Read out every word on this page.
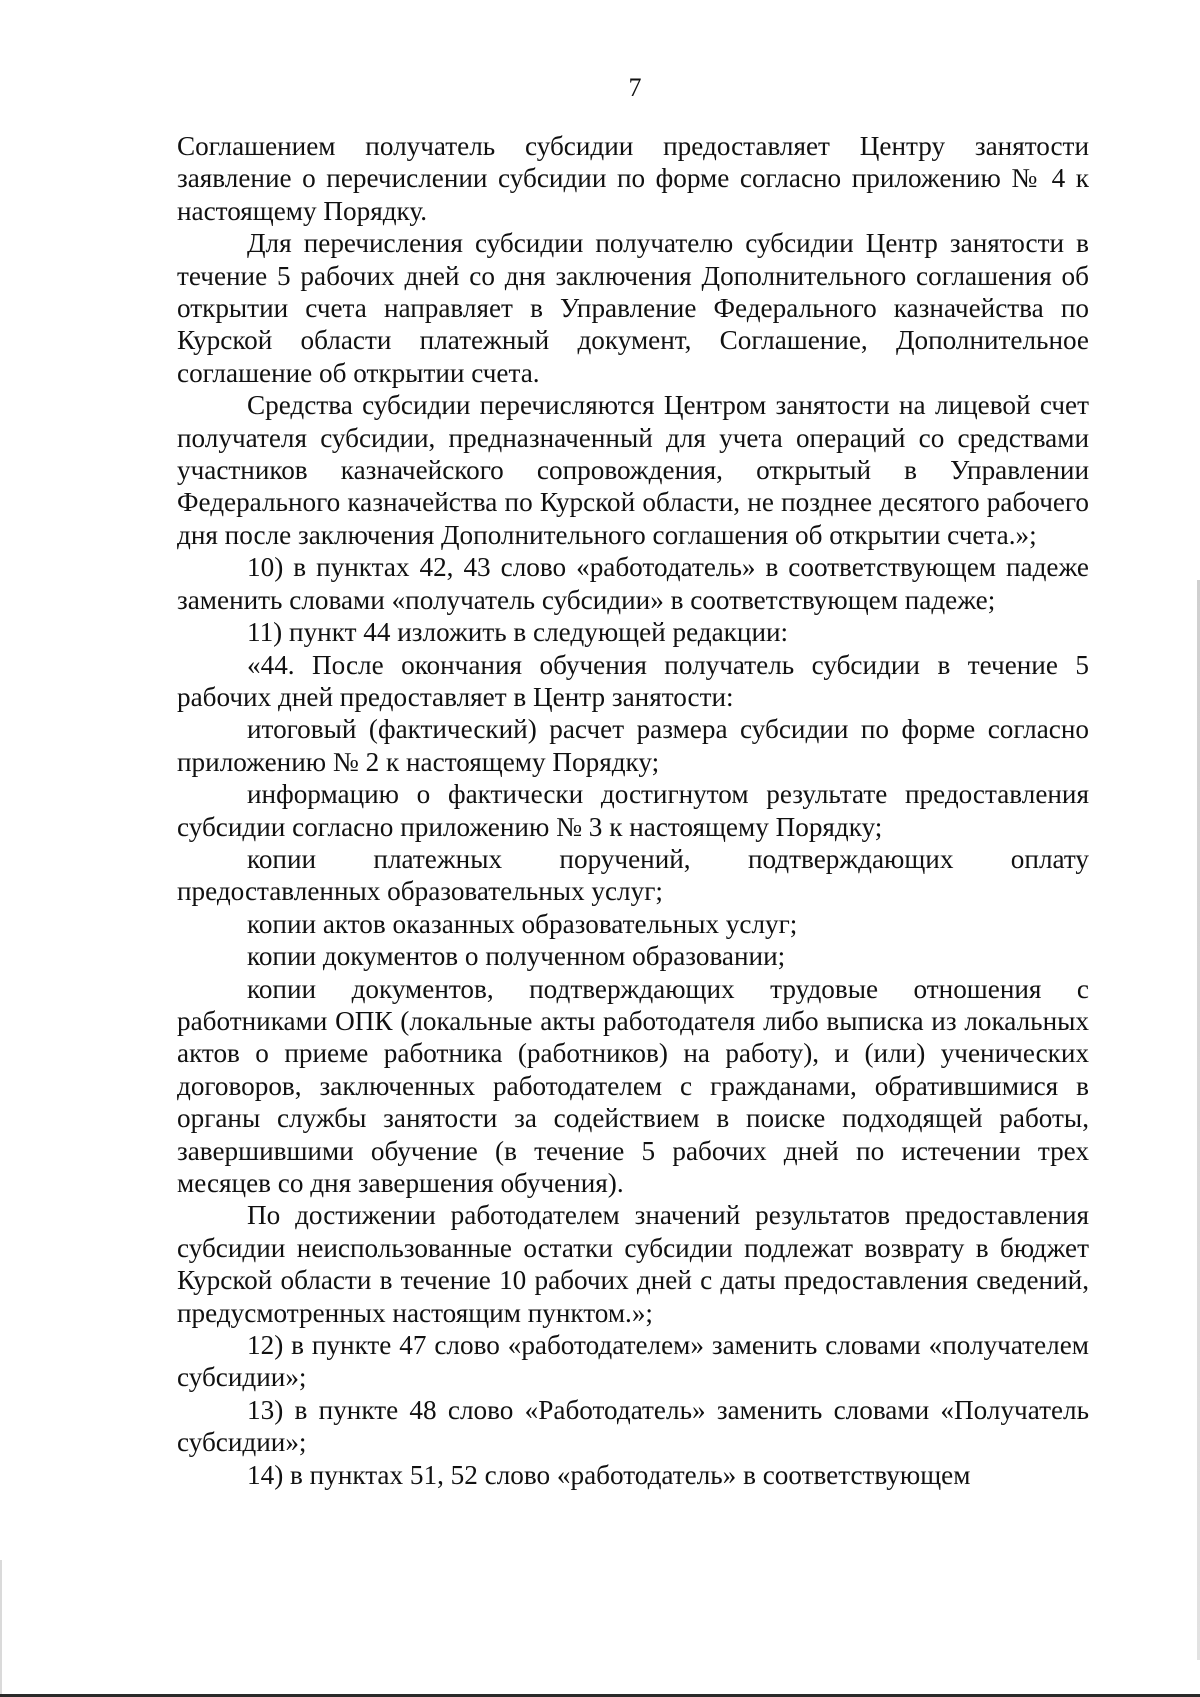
7

Соглашением получатель субсидии предоставляет Центру занятости заявление о перечислении субсидии по форме согласно приложению № 4 к настоящему Порядку.

Для перечисления субсидии получателю субсидии Центр занятости в течение 5 рабочих дней со дня заключения Дополнительного соглашения об открытии счета направляет в Управление Федерального казначейства по Курской области платежный документ, Соглашение, Дополнительное соглашение об открытии счета.

Средства субсидии перечисляются Центром занятости на лицевой счет получателя субсидии, предназначенный для учета операций со средствами участников казначейского сопровождения, открытый в Управлении Федерального казначейства по Курской области, не позднее десятого рабочего дня после заключения Дополнительного соглашения об открытии счета.»;

10) в пунктах 42, 43 слово «работодатель» в соответствующем падеже заменить словами «получатель субсидии» в соответствующем падеже;

11) пункт 44 изложить в следующей редакции:

«44. После окончания обучения получатель субсидии в течение 5 рабочих дней предоставляет в Центр занятости:

итоговый (фактический) расчет размера субсидии по форме согласно приложению № 2 к настоящему Порядку;

информацию о фактически достигнутом результате предоставления субсидии согласно приложению № 3 к настоящему Порядку;

копии платежных поручений, подтверждающих оплату предоставленных образовательных услуг;

копии актов оказанных образовательных услуг;

копии документов о полученном образовании;

копии документов, подтверждающих трудовые отношения с работниками ОПК (локальные акты работодателя либо выписка из локальных актов о приеме работника (работников) на работу), и (или) ученических договоров, заключенных работодателем с гражданами, обратившимися в органы службы занятости за содействием в поиске подходящей работы, завершившими обучение (в течение 5 рабочих дней по истечении трех месяцев со дня завершения обучения).

По достижении работодателем значений результатов предоставления субсидии неиспользованные остатки субсидии подлежат возврату в бюджет Курской области в течение 10 рабочих дней с даты предоставления сведений, предусмотренных настоящим пунктом.»;

12) в пункте 47 слово «работодателем» заменить словами «получателем субсидии»;

13) в пункте 48 слово «Работодатель» заменить словами «Получатель субсидии»;

14) в пунктах 51, 52 слово «работодатель» в соответствующем
